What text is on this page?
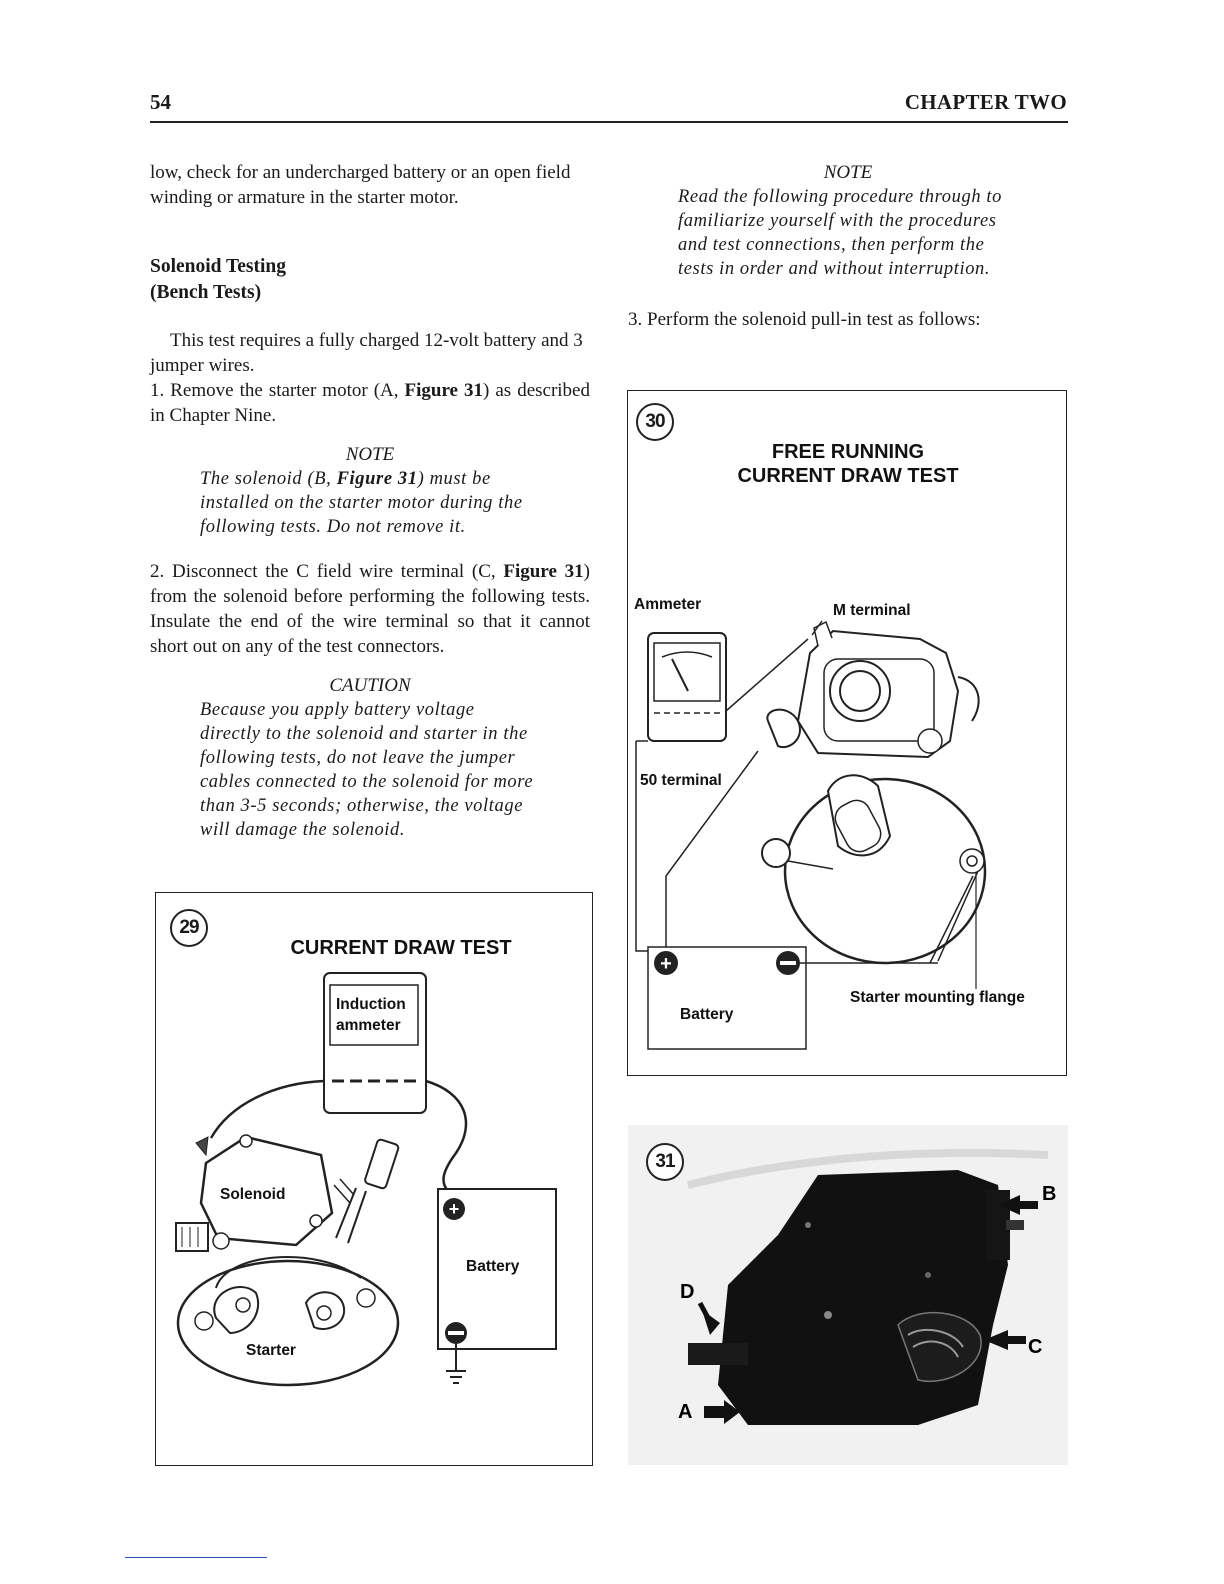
54	CHAPTER TWO

low, check for an undercharged battery or an open field winding or armature in the starter motor.

Solenoid Testing

(Bench Tests)

This test requires a fully charged 12-volt battery and 3 jumper wires.

1. Remove the starter motor (A, Figure 31) as described in Chapter Nine.

NOTE

The solenoid (B, Figure 31) must be installed on the starter motor during the following tests. Do not remove it.

2. Disconnect the C field wire terminal (C, Figure 31) from the solenoid before performing the following tests. Insulate the end of the wire terminal so that it cannot short out on any of the test connectors.

CAUTION

Because you apply battery voltage directly to the solenoid and starter in the following tests, do not leave the jumper cables connected to the solenoid for more than 3-5 seconds; otherwise, the voltage will damage the solenoid.

NOTE

Read the following procedure through to familiarize yourself with the procedures and test connections, then perform the tests in order and without interruption.

3. Perform the solenoid pull-in test as follows:

+
29
CURRENT DRAW TEST
Induction
ammeter
Solenoid
Starter
Battery
+
30
FREE RUNNING
CURRENT DRAW TEST
Ammeter	M terminal
50 terminal
Battery
Starter mounting flange
31
B
D
C
A
